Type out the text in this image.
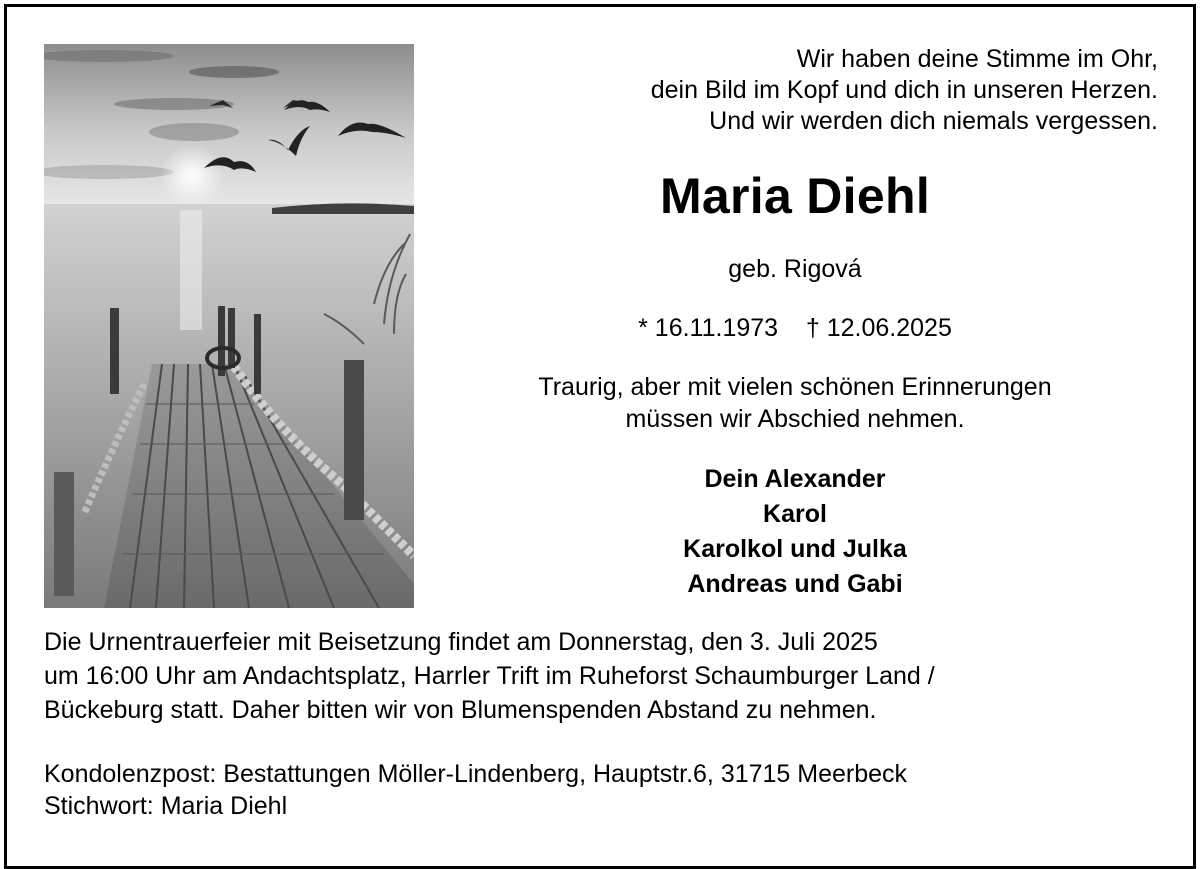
Wir haben deine Stimme im Ohr,
dein Bild im Kopf und dich in unseren Herzen.
Und wir werden dich niemals vergessen.
Maria Diehl
geb. Rigová
* 16.11.1973 † 12.06.2025
Traurig, aber mit vielen schönen Erinnerungen
müssen wir Abschied nehmen.
Dein Alexander
Karol
Karolkol und Julka
Andreas und Gabi
Die Urnentrauerfeier mit Beisetzung findet am Donnerstag, den 3. Juli 2025
um 16:00 Uhr am Andachtsplatz, Harrler Trift im Ruheforst Schaumburger Land /
Bückeburg statt. Daher bitten wir von Blumenspenden Abstand zu nehmen.
Kondolenzpost: Bestattungen Möller-Lindenberg, Hauptstr.6, 31715 Meerbeck
Stichwort: Maria Diehl
